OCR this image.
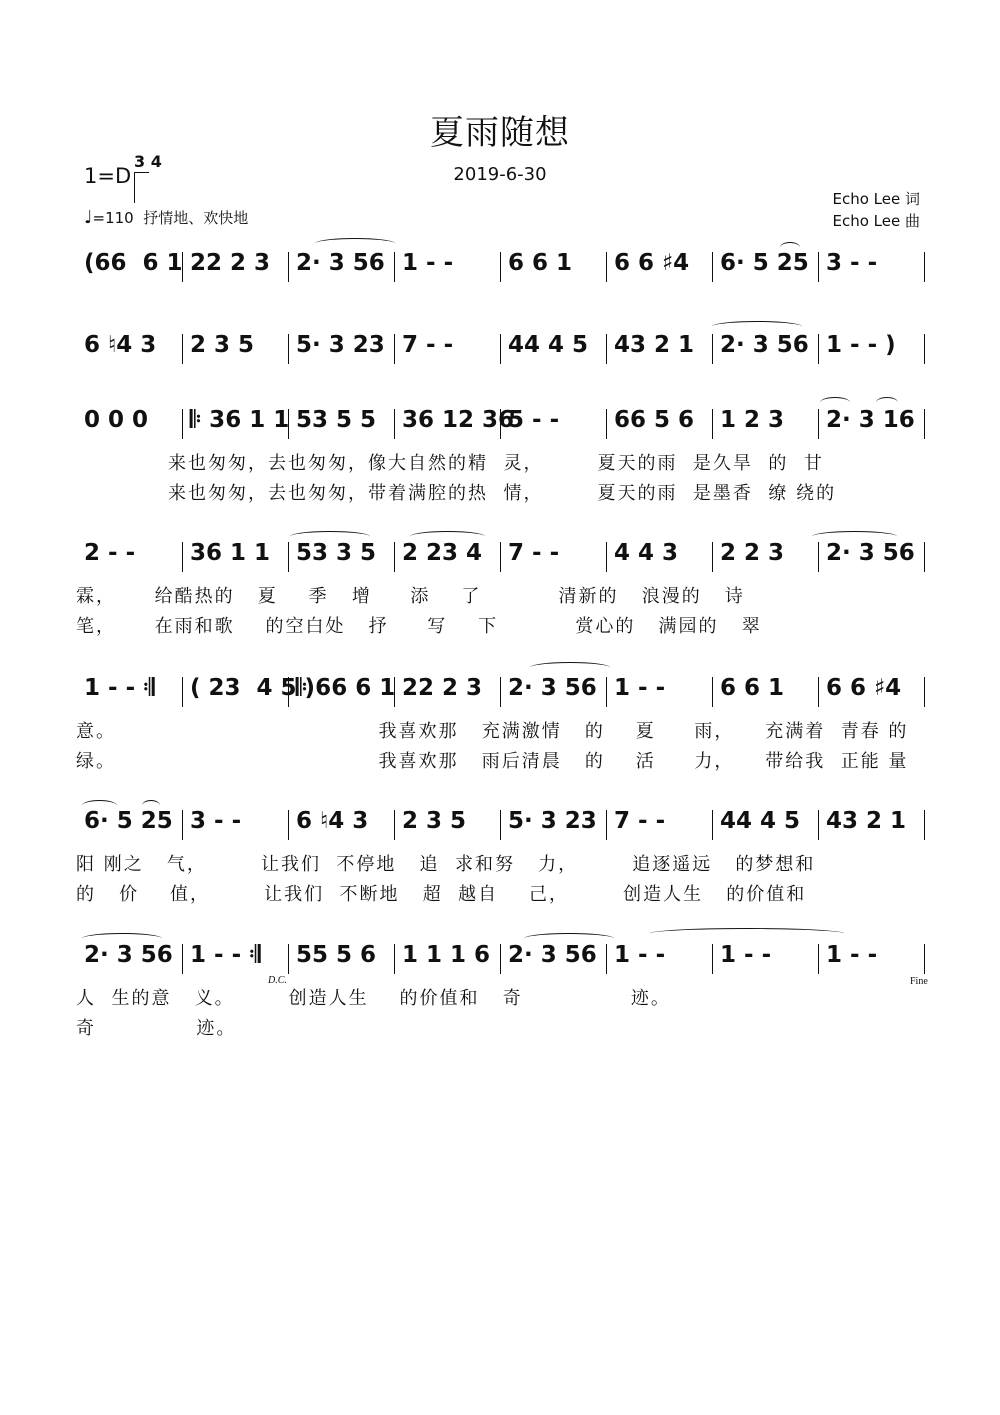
夏雨随想
2019-6-30
1=D
3 4
♩=110 抒情地、欢快地
Echo Lee 词
Echo Lee 曲
(66  6 1 22 2 3	2· 3 56 1 - -	6 6 1	6 6 ♯4	6· 5 25 3 - -
6 ♮4 3	2 3 5	5· 3 23 7 - -	44 4 5	43 2 1	2· 3 56 1 - - )
0 0 0	𝄆 36 1 1 53 5 5	36 12 36
5 - -	66 5 6	1 2 3	2· 3 16
来也匆匆，去也匆匆，像大自然的精  灵，       夏天的雨  是久旱  的  甘
来也匆匆，去也匆匆，带着满腔的热  情，       夏天的雨  是墨香  缭 绕的
2 - -	36 1 1	53 3 5	2 23 4	7 - -	4 4 3	2 2 3	2· 3 56
霖，     给酷热的   夏    季   增     添    了          清新的   浪漫的   诗
笔，     在雨和歌    的空白处   抒     写    下          赏心的   满园的   翠
1 - - 𝄇	( 23  4 5 )
𝄆 66 6 1 22 2 3	2· 3 56 1 - -	6 6 1	6 6 ♯4
意。                                  我喜欢那   充满激情   的    夏     雨，    充满着  青春 的
绿。                                  我喜欢那   雨后清晨   的    活     力，    带给我  正能 量
6· 5 25 3 - -	6 ♮4 3	2 3 5	5· 3 23 7 - -	44 4 5	43 2 1
阳 刚之   气，       让我们  不停地   追  求和努   力，       追逐遥远   的梦想和
的   价    值，       让我们  不断地   超  越自    己，       创造人生   的价值和
2· 3 56 1 - - 𝄇	55 5 6	1 1 1 6 2· 3 56 1 - -	1 - -	1 - -
人  生的意   义。       创造人生    的价值和   奇              迹。
奇             迹。
D.C.	Fine
